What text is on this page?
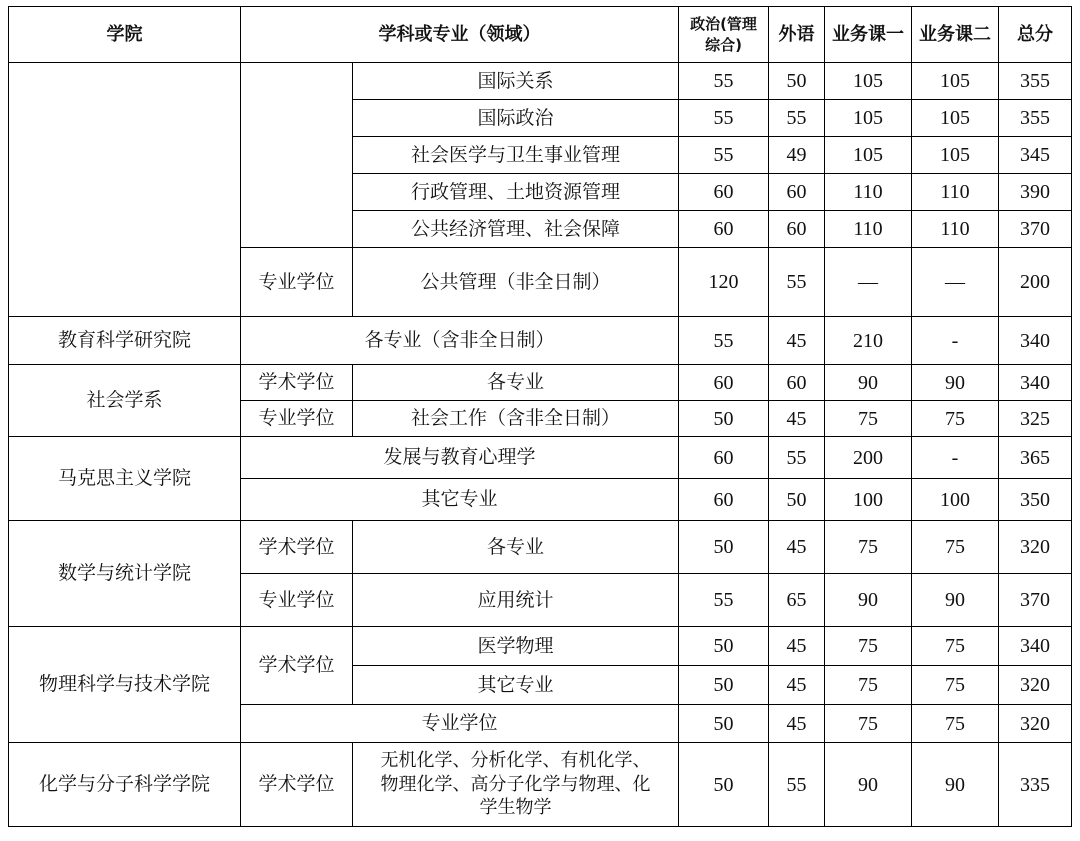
学院	学科或专业（领域）		政治(管理
综合)	外语	业务课一	业务课二	总分
		国际关系	55	50	105	105	355
		国际政治	55	55	105	105	355
		社会医学与卫生事业管理	55	49	105	105	345
		行政管理、土地资源管理	60	60	110	110	390
		公共经济管理、社会保障	60	60	110	110	370
	专业学位	公共管理（非全日制）	120	55	—	—	200
教育科学研究院	各专业（含非全日制）		55	45	210	-	340
社会学系	学术学位	各专业	60	60	90	90	340
	专业学位	社会工作（含非全日制）	50	45	75	75	325
马克思主义学院	发展与教育心理学		60	55	200	-	365
	其它专业		60	50	100	100	350
数学与统计学院	学术学位	各专业	50	45	75	75	320
	专业学位	应用统计	55	65	90	90	370
物理科学与技术学院	学术学位	医学物理	50	45	75	75	340
		其它专业	50	45	75	75	320
	专业学位		50	45	75	75	320
化学与分子科学学院	学术学位	无机化学、分析化学、有机化学、
物理化学、高分子化学与物理、化
学生物学	50	55	90	90	335
